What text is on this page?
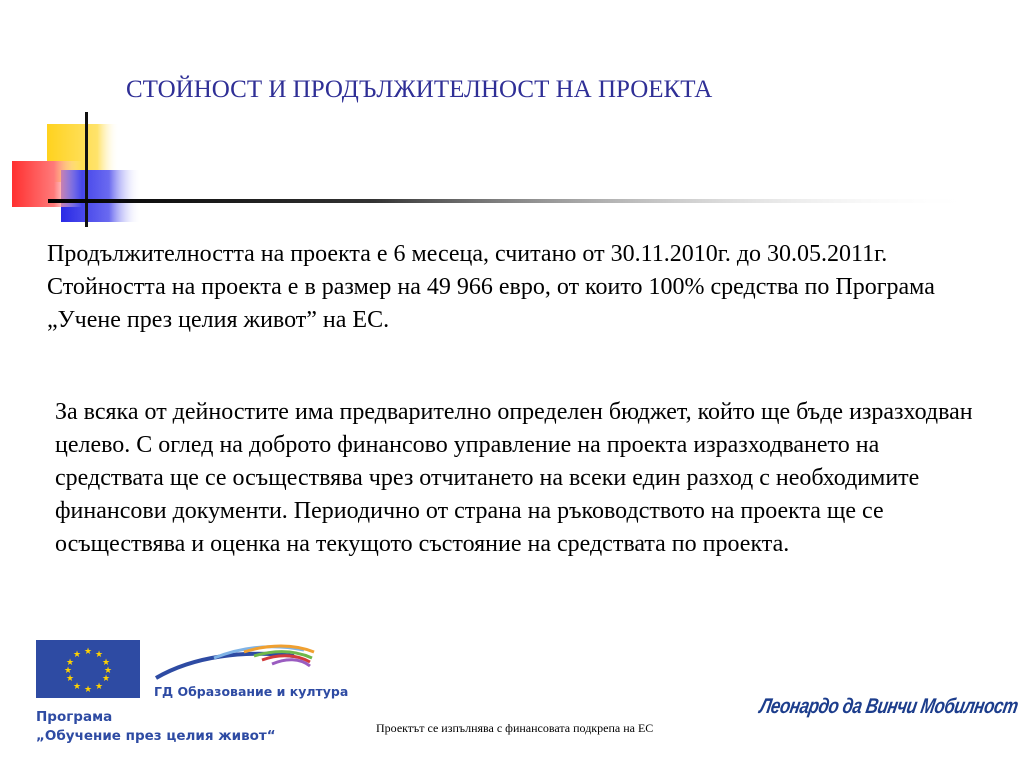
СТОЙНОСТ И ПРОДЪЛЖИТЕЛНОСТ НА ПРОЕКТА
Продължителността на проекта е 6 месеца, считано от 30.11.2010г. до 30.05.2011г. Стойността на проекта е в размер на 49 966 евро, от които 100% средства по Програма „Учене през целия живот” на ЕС.
За всяка от дейностите има предварително определен бюджет, който ще бъде изразходван целево. С оглед на доброто финансово управление на проекта изразходването на средствата ще се осъществява чрез отчитането на всеки един разход с необходимите финансови документи. Периодично от страна на ръководството на проекта ще се осъществява и оценка на текущото състояние на средствата по проекта.
★ ★
★
★
★
★
★
★
★
★
★
★
ГД Образование и култура
Програма
„Обучение през целия живот“	Проектът се изпълнява с финансовата подкрепа на ЕС
Леонардо да Винчи Мобилност
